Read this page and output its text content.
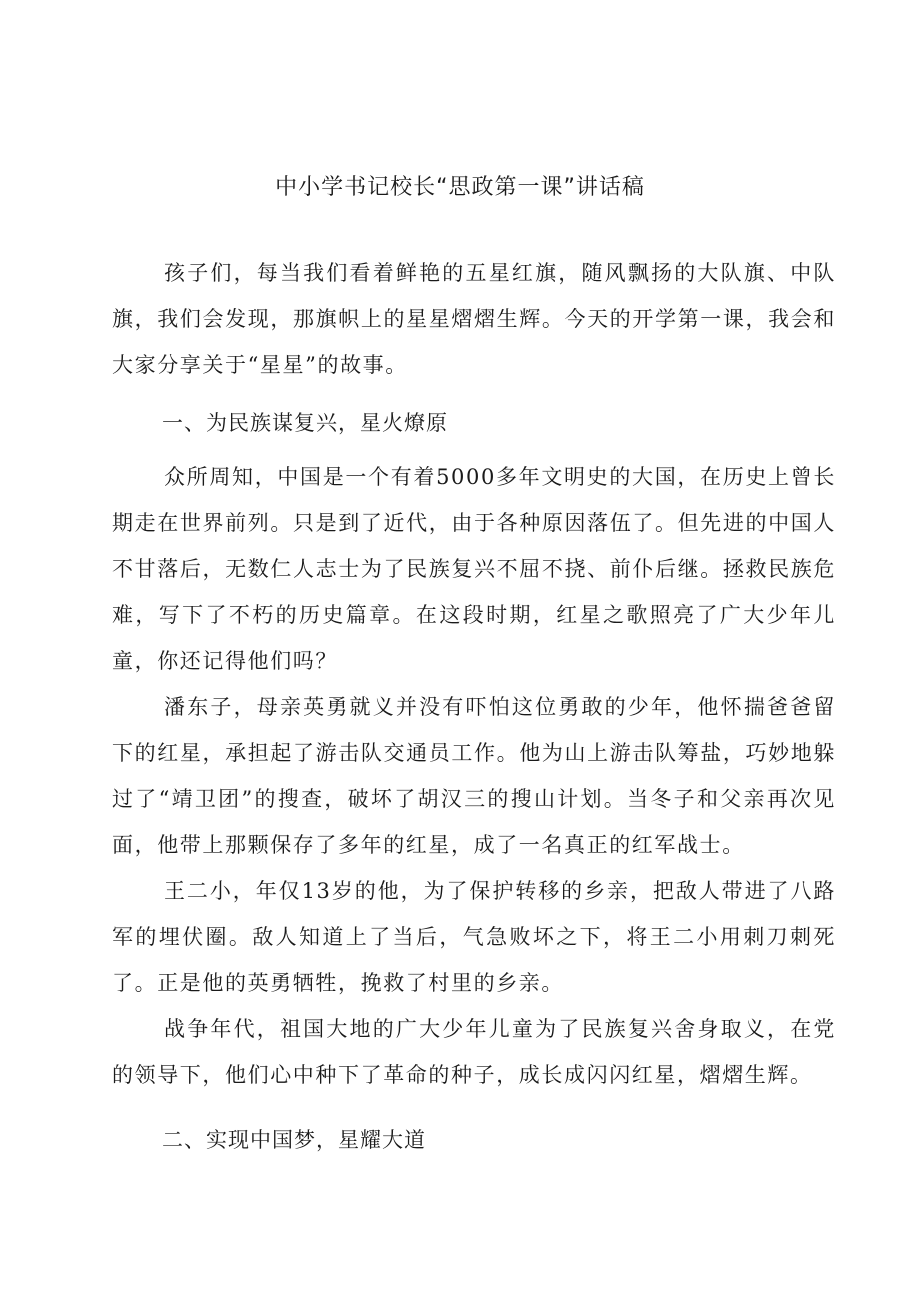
中小学书记校长“思政第一课”讲话稿

孩子们，每当我们看着鲜艳的五星红旗，随风飘扬的大队旗、中队旗，我们会发现，那旗帜上的星星熠熠生辉。今天的开学第一课，我会和大家分享关于“星星”的故事。

一、为民族谋复兴，星火燎原

众所周知，中国是一个有着5000多年文明史的大国，在历史上曾长期走在世界前列。只是到了近代，由于各种原因落伍了。但先进的中国人不甘落后，无数仁人志士为了民族复兴不屈不挠、前仆后继。拯救民族危难，写下了不朽的历史篇章。在这段时期，红星之歌照亮了广大少年儿童，你还记得他们吗？

潘东子，母亲英勇就义并没有吓怕这位勇敢的少年，他怀揣爸爸留下的红星，承担起了游击队交通员工作。他为山上游击队筹盐，巧妙地躲过了“靖卫团”的搜查，破坏了胡汉三的搜山计划。当冬子和父亲再次见面，他带上那颗保存了多年的红星，成了一名真正的红军战士。

王二小，年仅13岁的他，为了保护转移的乡亲，把敌人带进了八路军的埋伏圈。敌人知道上了当后，气急败坏之下，将王二小用刺刀刺死了。正是他的英勇牺牲，挽救了村里的乡亲。

战争年代，祖国大地的广大少年儿童为了民族复兴舍身取义，在党的领导下，他们心中种下了革命的种子，成长成闪闪红星，熠熠生辉。

二、实现中国梦，星耀大道
